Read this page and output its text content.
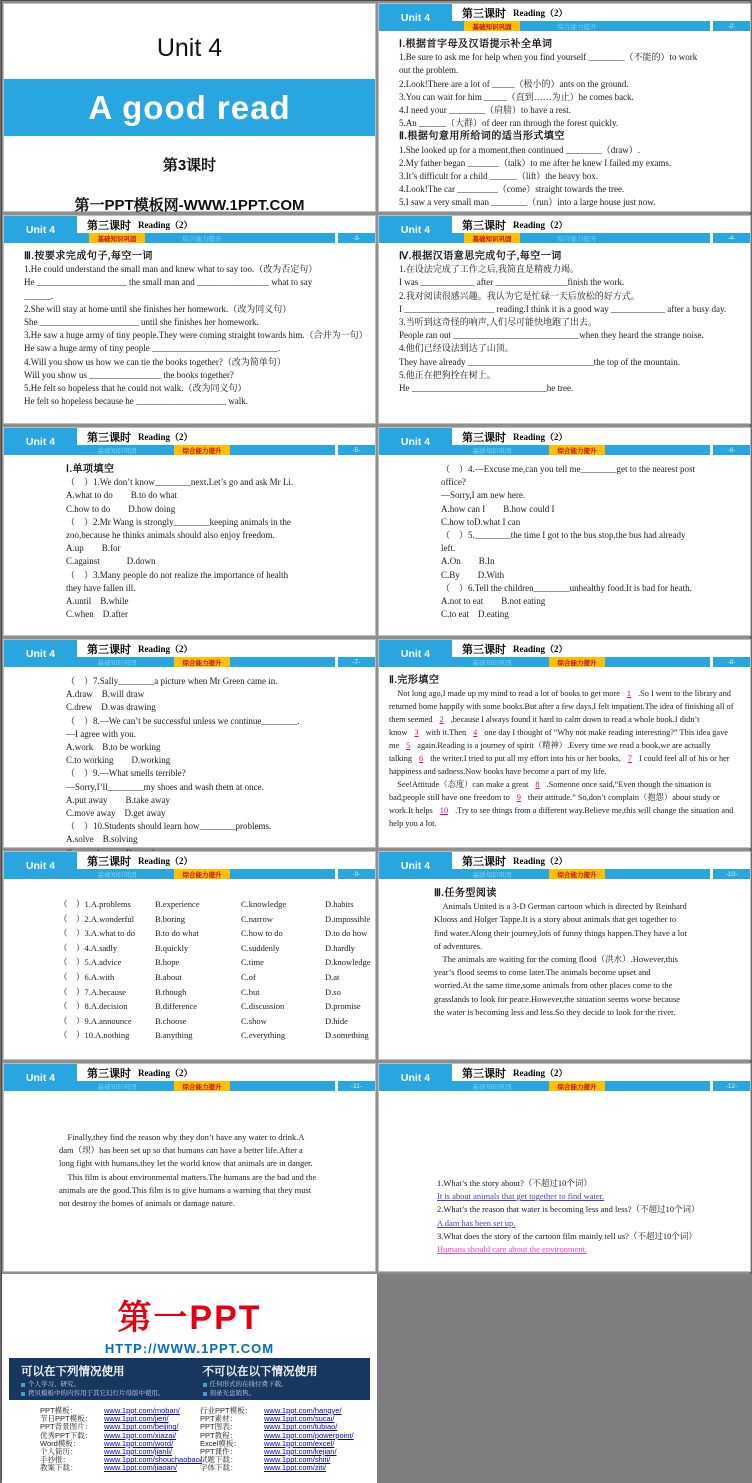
Unit 4
A good read
第3课时
第一PPT模板网-WWW.1PPT.COM
Unit 4	第三课时 Reading（2）
基础知识巩固	综合能力提升	-2-
Ⅰ.根据首字母及汉语提示补全单词
1.Be sure to ask me for help when you find yourself ________（不能的）to work
out the problem.
2.Look!There are a lot of _____（极小的）ants on the ground.
3.You can wait for him _____（直到……为止）he comes back.
4.I need your ________（肩膀）to have a rest.
5.An ______（大群）of deer ran through the forest quickly.
Ⅱ.根据句意用所给词的适当形式填空
1.She looked up for a moment,then continued ________（draw）.
2.My father began _______（talk）to me after he knew I failed my exams.
3.It’s difficult for a child ______（lift）the heavy box.
4.Look!The car _________（come）straight towards the tree.
5.I saw a very small man ________（run）into a large house just now.
Unit 4	第三课时 Reading（2）
基础知识巩固	综合能力提升	-3-
Ⅲ.按要求完成句子,每空一词
1.He could understand the small man and knew what to say too.（改为否定句）
He ____________________ the small man and ________________ what to say
______.
2.She will stay at home until she finishes her homework.（改为同义句）
She ______________________ until she finishes her homework.
3.He saw a huge army of tiny people.They were coming straight towards him.（合并为一句）
He saw a huge army of tiny people ____________________________.
4.Will you show us how we can tie the books together?（改为简单句）
Will you show us ________________ the books together?
5.He felt so hopeless that he could not walk.（改为同义句）
He felt so hopeless because he ____________________ walk.
Unit 4	第三课时 Reading（2）
基础知识巩固	综合能力提升	-4-
Ⅳ.根据汉语意思完成句子,每空一词
1.在设法完成了工作之后,我简直是精疲力竭。
I was ____________ after ________________finish the work.
2.我对阅读很感兴趣。我认为它是忙碌一天后放松的好方式。
I ____________________ reading.I think it is a good way ____________ after a busy day.
3.当听到这奇怪的响声,人们尽可能快地跑了出去。
People ran out ____________________________when they heard the strange noise.
4.他们已经设法到达了山顶。
They have already ____________________________the top of the mountain.
5.他正在把狗拴在树上。
He ______________________________he tree.
Unit 4	第三课时 Reading（2）
基础知识巩固	综合能力提升	-5-
Ⅰ.单项填空
（　）1.We don’t know________next.Let’s go and ask Mr Li.
A.what to do　　B.to do what
C.how to do　　D.how doing
（　）2.Mr Wang is strongly________keeping animals in the
zoo,because he thinks animals should also enjoy freedom.
A.up　　B.for
C.against　　　D.down
（　）3.Many people do not realize the importance of health
they have fallen ill.
A.until　B.while
C.when　D.after
Unit 4	第三课时 Reading（2）
基础知识巩固	综合能力提升	-6-
（　）4.—Excuse me,can you tell me________get to the nearest post
office?
—Sorry,I am new here.
A.how can I　　B.how could I
C.how toD.what I can
（　）5.________the time I got to the bus stop,the bus had already
left.
A.On　　B.In
C.By　　D.With
（　）6.Tell the children________unhealthy food.It is bad for heath.
A.not to eat　　B.not eating
C.to eat　D.eating
Unit 4	第三课时 Reading（2）
基础知识巩固	综合能力提升	-7-
（　）7.Sally________a picture when Mr Green came in.
A.draw　B.will draw
C.drew　D.was drawing
（　）8.—We can’t be successful unless we continue________.
—I agree with you.
A.work　B.to be working
C.to working　　D.working
（　）9.—What smells terrible?
—Sorry,I’ll________my shoes and wash them at once.
A.put away　　B.take away
C.move away　D.get away
（　）10.Students should learn how________problems.
A.solve　B.solving
Unit 4	第三课时 Reading（2）
基础知识巩固	综合能力提升	-8-
Ⅱ.完形填空
　Not long ago,I made up my mind to read a lot of books to get more 1 .So I went to the library and returned home happily with some books.But after a few days,I felt impatient.The idea of finishing all of them seemed 2 ,because I always found it hard to calm down to read a whole book.I didn’t know 3 with it.Then 4 one day I thought of “Why not make reading interesting?” This idea gave me 5 again.Reading is a journey of spirit（精神）.Every time we read a book,we are actually talking 6 the writer.I tried to put all my effort into his or her books, 7 I could feel all of his or her happiness and sadness.Now books have become a part of my life.
　See!Attitude（态度）can make a great 8 .Someone once said,“Even though the situation is bad,people still have one freedom to 9 their attitude.” So,don’t complain（抱怨）about study or work.It helps 10 .Try to see things from a different way.Believe me,this will change the situation and help you a lot.
Unit 4	第三课时 Reading（2）
基础知识巩固	综合能力提升	-9-
（　）1.A.problems	B.experience	C.knowledge	D.habits
（　）2.A.wonderful	B.boring	C.narrow	D.impossible
（　）3.A.what to do	B.to do what	C.how to do	D.to do how
（　）4.A.sadly	B.quickly	C.suddenly	D.hardly
（　）5.A.advice	B.hope	C.time	D.knowledge
（　）6.A.with	B.about	C.of	D.at
（　）7.A.because	B.though	C.but	D.so
（　）8.A.decision	B.difference	C.discussion	D.promise
（　）9.A.announce	B.choose	C.show	D.hide
（　）10.A.nothing	B.anything	C.everything	D.something
Unit 4	第三课时 Reading（2）
基础知识巩固	综合能力提升	-10-
Ⅲ.任务型阅读
　Animals United is a 3-D German cartoon which is directed by Reinhard Klooss and Holger Tappe.It is a story about animals that get together to find water.Along their journey,lots of funny things happen.They have a lot of adventures.
　The animals are waiting for the coming flood（洪水）.However,this year’s flood seems to come later.The animals become upset and worried.At the same time,some animals from other places come to the grasslands to look for peace.However,the situation seems worse because the water is becoming less and less.So they decide to look for the river.
Unit 4	第三课时 Reading（2）
基础知识巩固	综合能力提升	-11-
　Finally,they find the reason why they don’t have any water to drink.A dam（坝）has been set up so that humans can have a better life.After a long fight with humans,they let the world know that animals are in danger.
　This film is about environmental matters.The humans are the bad and the animals are the good.This film is to give humans a warning that they must not destroy the homes of animals or damage nature.
Unit 4	第三课时 Reading（2）
基础知识巩固	综合能力提升	-12-
1.What’s the story about?（不超过10个词）
It is about animals that get together to find water.
2.What’s the reason that water is becoming less and less?（不超过10个词）
A dam has been set up.
3.What does the story of the cartoon film mainly tell us?（不超过10个词）
Humans should care about the environment.
第一PPT
HTTP://WWW.1PPT.COM
可以在下列情况使用
个人学习、研究。
拷贝模板中的内容用于其它幻灯片母版中使用。
不可以在以下情况使用
任何形式的在线付费下载。
刻录光盘销售。
PPT模板：	www.1ppt.com/moban/
节日PPT模板： www.1ppt.com/jieri/
PPT背景图片： www.1ppt.com/beijing/
优秀PPT下载： www.1ppt.com/xiazai/
Word模板：	www.1ppt.com/word/
个人简历：	www.1ppt.com/jianli/
手抄报：	www.1ppt.com/shouchaobao/
教案下载：	www.1ppt.com/jiaoan/
行业PPT模板： www.1ppt.com/hangye/
PPT素材：	www.1ppt.com/sucai/
PPT图表：	www.1ppt.com/tubiao/
PPT教程：	www.1ppt.com/powerpoint/
Excel模板：	www.1ppt.com/excel/
PPT课件：	www.1ppt.com/kejian/
试题下载：	www.1ppt.com/shiti/
字体下载：	www.1ppt.com/ziti/
